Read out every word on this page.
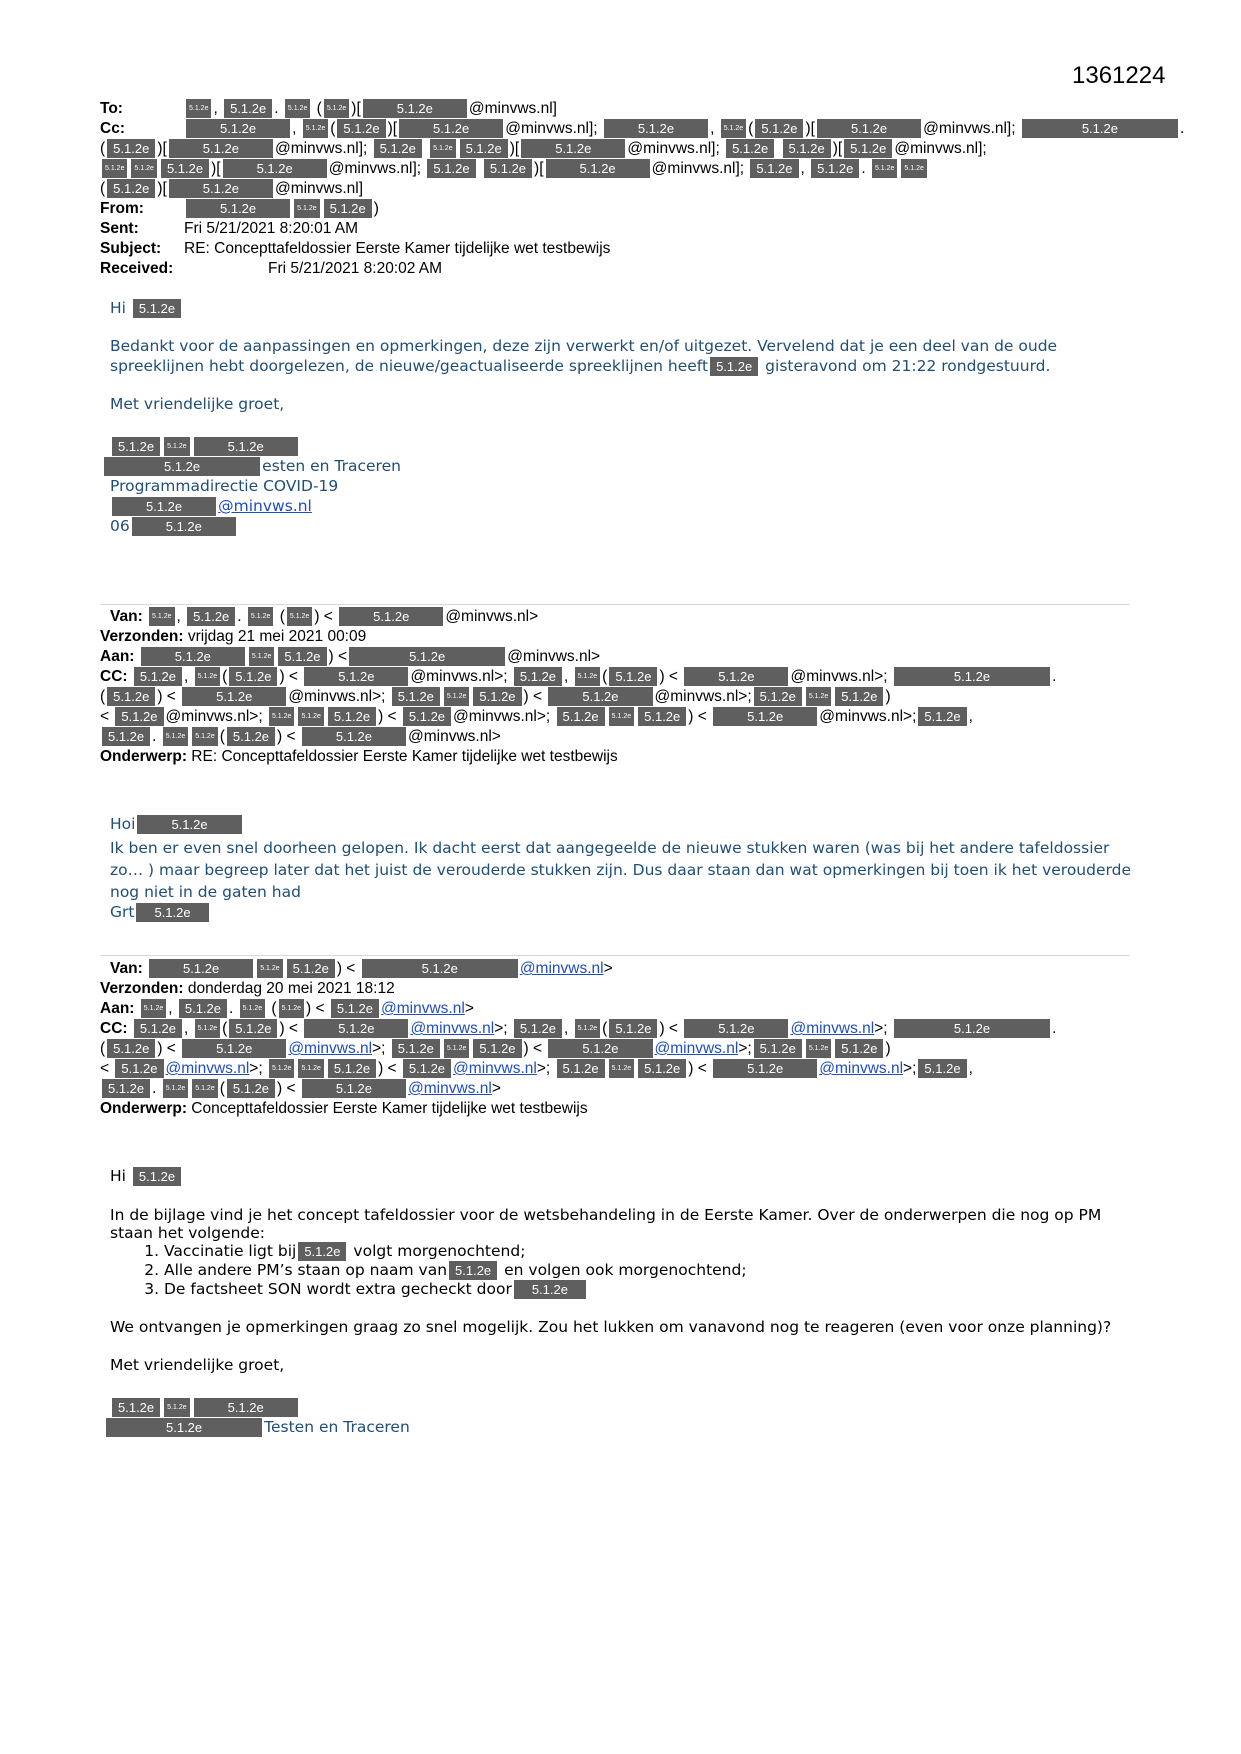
1361224
To:	5.1.2e , 5.1.2e . 5.1.2e ( 5.1.2e )[	5.1.2e @minvws.nl]
Cc:	5.1.2e , 5.1.2e ( 5.1.2e )[	5.1.2e @minvws.nl];	5.1.2e , 5.1.2e ( 5.1.2e )[	5.1.2e @minvws.nl];	5.1.2e	.
( 5.1.2e )[	5.1.2e @minvws.nl]; 5.1.2e 5.1.2e 5.1.2e )[	5.1.2e @minvws.nl]; 5.1.2e 5.1.2e )[ 5.1.2e @minvws.nl];
5.1.2e 5.1.2e 5.1.2e )[	5.1.2e @minvws.nl]; 5.1.2e 5.1.2e )[	5.1.2e @minvws.nl]; 5.1.2e , 5.1.2e . 5.1.2e 5.1.2e
( 5.1.2e )[	5.1.2e @minvws.nl]
From:	5.1.2e	5.1.2e 5.1.2e )
Sent:	Fri 5/21/2021 8:20:01 AM
Subject: RE: Concepttafeldossier Eerste Kamer tijdelijke wet testbewijs
Received:	Fri 5/21/2021 8:20:02 AM
Hi 5.1.2e
Bedankt voor de aanpassingen en opmerkingen, deze zijn verwerkt en/of uitgezet. Vervelend dat je een deel van de oude
spreeklijnen hebt doorgelezen, de nieuwe/geactualiseerde spreeklijnen heeft 5.1.2e gisteravond om 21:22 rondgestuurd.
Met vriendelijke groet,
5.1.2e 5.1.2e	5.1.2e
5.1.2e	esten en Traceren
Programmadirectie COVID-19
5.1.2e @minvws.nl
06	5.1.2e
Van: 5.1.2e , 5.1.2e . 5.1.2e ( 5.1.2e ) <	5.1.2e @minvws.nl>
Verzonden: vrijdag 21 mei 2021 00:09
Aan:	5.1.2e	5.1.2e 5.1.2e ) <	5.1.2e	@minvws.nl>
CC: 5.1.2e , 5.1.2e ( 5.1.2e ) <	5.1.2e @minvws.nl>; 5.1.2e , 5.1.2e ( 5.1.2e ) <	5.1.2e @minvws.nl>;	5.1.2e	.
( 5.1.2e ) <	5.1.2e @minvws.nl>; 5.1.2e 5.1.2e 5.1.2e ) <	5.1.2e @minvws.nl>; 5.1.2e 5.1.2e 5.1.2e )
< 5.1.2e @minvws.nl>; 5.1.2e 5.1.2e 5.1.2e ) < 5.1.2e @minvws.nl>; 5.1.2e 5.1.2e 5.1.2e ) <	5.1.2e @minvws.nl>; 5.1.2e ,
5.1.2e . 5.1.2e 5.1.2e ( 5.1.2e ) <	5.1.2e @minvws.nl>
Onderwerp: RE: Concepttafeldossier Eerste Kamer tijdelijke wet testbewijs
Hoi	5.1.2e
Ik ben er even snel doorheen gelopen. Ik dacht eerst dat aangegeelde de nieuwe stukken waren (was bij het andere tafeldossier
zo… ) maar begreep later dat het juist de verouderde stukken zijn. Dus daar staan dan wat opmerkingen bij toen ik het verouderde
nog niet in de gaten had
Grt 5.1.2e
Van:	5.1.2e	5.1.2e 5.1.2e ) <	5.1.2e	@minvws.nl>
Verzonden: donderdag 20 mei 2021 18:12
Aan: 5.1.2e , 5.1.2e . 5.1.2e ( 5.1.2e ) < 5.1.2e @minvws.nl>
CC: 5.1.2e , 5.1.2e ( 5.1.2e ) <	5.1.2e @minvws.nl>; 5.1.2e , 5.1.2e ( 5.1.2e ) <	5.1.2e @minvws.nl>;	5.1.2e	.
( 5.1.2e ) <	5.1.2e @minvws.nl>; 5.1.2e 5.1.2e 5.1.2e ) <	5.1.2e @minvws.nl>; 5.1.2e 5.1.2e 5.1.2e )
< 5.1.2e @minvws.nl>; 5.1.2e 5.1.2e 5.1.2e ) < 5.1.2e @minvws.nl>; 5.1.2e 5.1.2e 5.1.2e ) <	5.1.2e @minvws.nl>; 5.1.2e ,
5.1.2e . 5.1.2e 5.1.2e ( 5.1.2e ) <	5.1.2e @minvws.nl>
Onderwerp: Concepttafeldossier Eerste Kamer tijdelijke wet testbewijs
Hi 5.1.2e
In de bijlage vind je het concept tafeldossier voor de wetsbehandeling in de Eerste Kamer. Over de onderwerpen die nog op PM
staan het volgende:
1. Vaccinatie ligt bij 5.1.2e volgt morgenochtend;
2. Alle andere PM’s staan op naam van 5.1.2e en volgen ook morgenochtend;
3. De factsheet SON wordt extra gecheckt door 5.1.2e
We ontvangen je opmerkingen graag zo snel mogelijk. Zou het lukken om vanavond nog te reageren (even voor onze planning)?
Met vriendelijke groet,
5.1.2e 5.1.2e	5.1.2e
5.1.2e	Testen en Traceren
